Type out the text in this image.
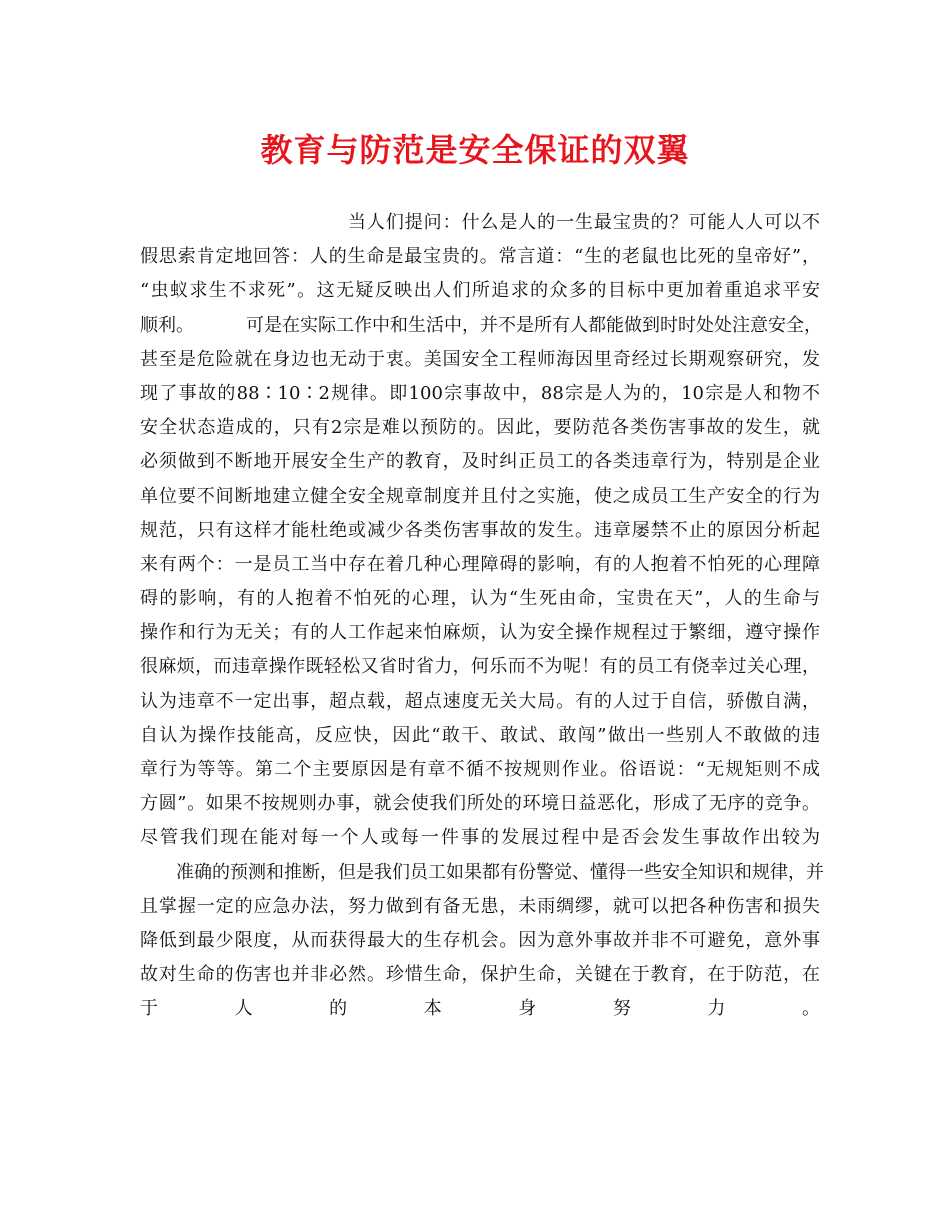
教育与防范是安全保证的双翼
当人们提问：什么是人的一生最宝贵的？可能人人可以不
假思索肯定地回答：人的生命是最宝贵的。常言道：“生的老鼠也比死的皇帝好”，
“虫蚁求生不求死”。这无疑反映出人们所追求的众多的目标中更加着重追求平安
顺利。	可是在实际工作中和生活中，并不是所有人都能做到时时处处注意安全，
甚至是危险就在身边也无动于衷。美国安全工程师海因里奇经过长期观察研究，发
现了事故的88∶10∶2规律。即100宗事故中，88宗是人为的，10宗是人和物不
安全状态造成的，只有2宗是难以预防的。因此，要防范各类伤害事故的发生，就
必须做到不断地开展安全生产的教育，及时纠正员工的各类违章行为，特别是企业
单位要不间断地建立健全安全规章制度并且付之实施，使之成员工生产安全的行为
规范，只有这样才能杜绝或减少各类伤害事故的发生。违章屡禁不止的原因分析起
来有两个：一是员工当中存在着几种心理障碍的影响，有的人抱着不怕死的心理障
碍的影响，有的人抱着不怕死的心理，认为“生死由命，宝贵在天”，人的生命与
操作和行为无关；有的人工作起来怕麻烦，认为安全操作规程过于繁细，遵守操作
很麻烦，而违章操作既轻松又省时省力，何乐而不为呢！有的员工有侥幸过关心理，
认为违章不一定出事，超点载，超点速度无关大局。有的人过于自信，骄傲自满，
自认为操作技能高，反应快，因此“敢干、敢试、敢闯”做出一些别人不敢做的违
章行为等等。第二个主要原因是有章不循不按规则作业。俗语说：“无规矩则不成
方圆”。如果不按规则办事，就会使我们所处的环境日益恶化，形成了无序的竞争。
尽管我们现在能对每一个人或每一件事的发展过程中是否会发生事故作出较为
准确的预测和推断，但是我们员工如果都有份警觉、懂得一些安全知识和规律，并
且掌握一定的应急办法，努力做到有备无患，未雨绸缪，就可以把各种伤害和损失
降低到最少限度，从而获得最大的生存机会。因为意外事故并非不可避免，意外事
故对生命的伤害也并非必然。珍惜生命，保护生命，关键在于教育，在于防范，在
于人的本身努力。
